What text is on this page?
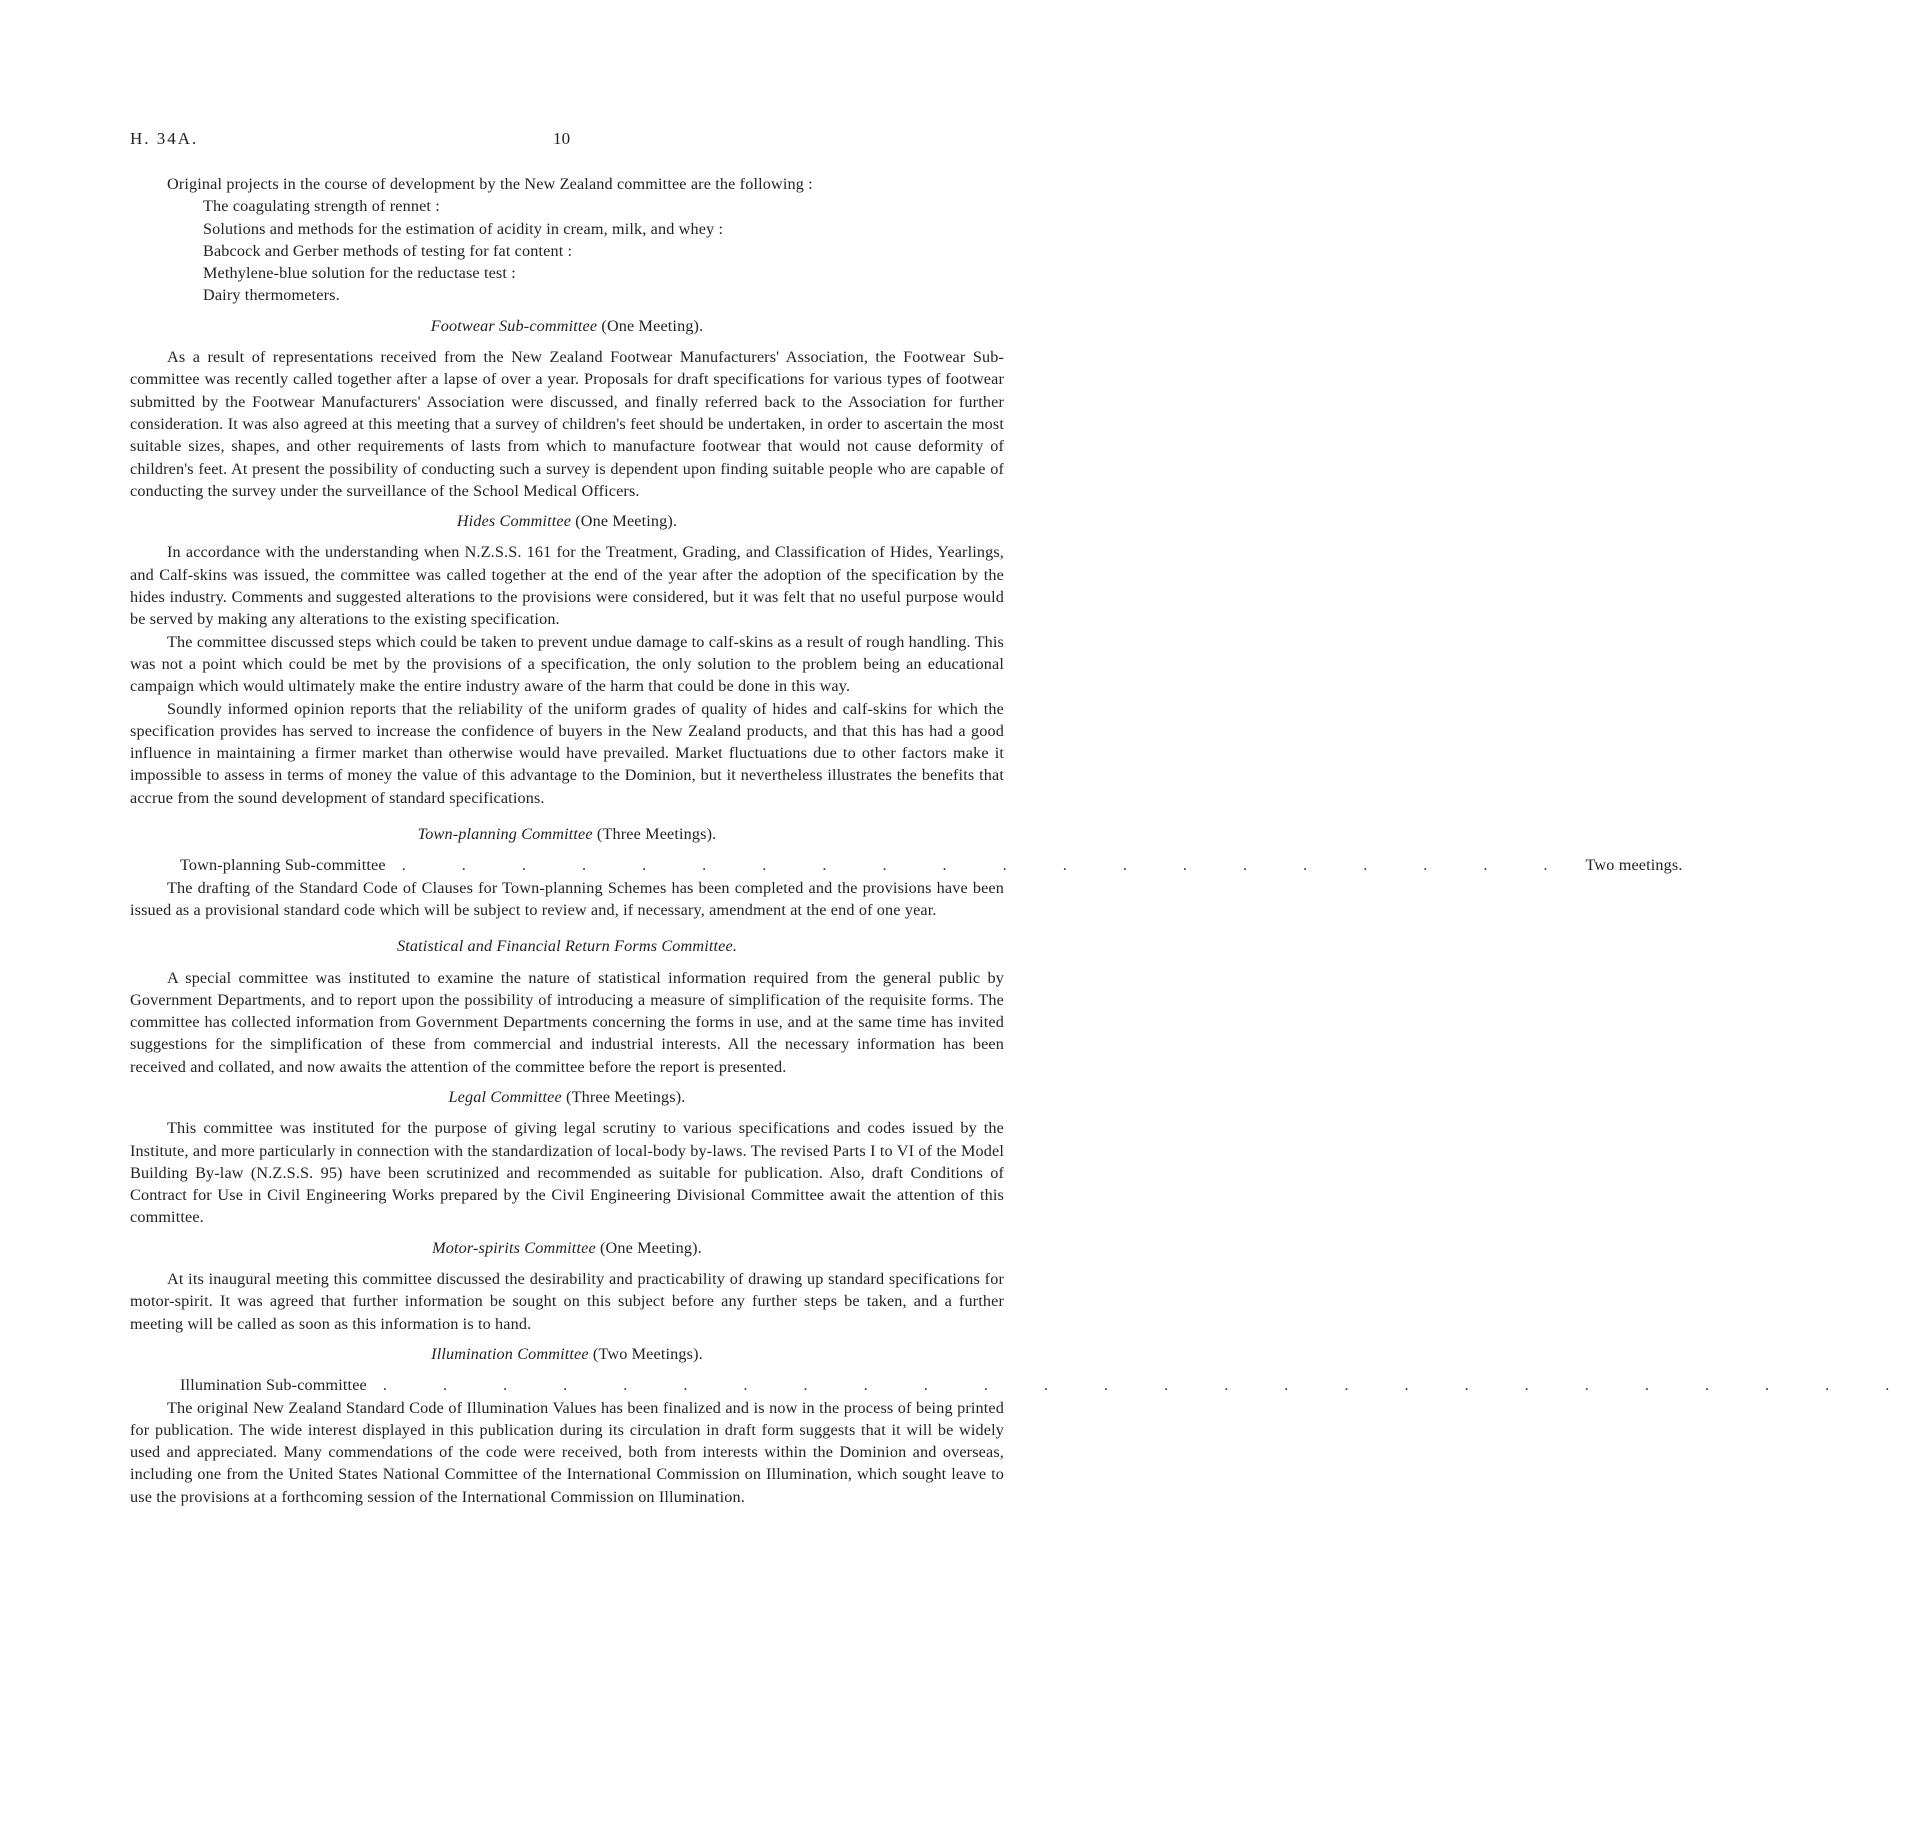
H. 34A.	10

Original projects in the course of development by the New Zealand committee are the following :

The coagulating strength of rennet :
Solutions and methods for the estimation of acidity in cream, milk, and whey :
Babcock and Gerber methods of testing for fat content :
Methylene-blue solution for the reductase test :
Dairy thermometers.
Footwear Sub-committee (One Meeting).

As a result of representations received from the New Zealand Footwear Manufacturers' Association, the Footwear Sub-committee was recently called together after a lapse of over a year. Proposals for draft specifications for various types of footwear submitted by the Footwear Manufacturers' Association were discussed, and finally referred back to the Association for further consideration. It was also agreed at this meeting that a survey of children's feet should be undertaken, in order to ascertain the most suitable sizes, shapes, and other requirements of lasts from which to manufacture footwear that would not cause deformity of children's feet. At present the possibility of conducting such a survey is dependent upon finding suitable people who are capable of conducting the survey under the surveillance of the School Medical Officers.

Hides Committee (One Meeting).

In accordance with the understanding when N.Z.S.S. 161 for the Treatment, Grading, and Classification of Hides, Yearlings, and Calf-skins was issued, the committee was called together at the end of the year after the adoption of the specification by the hides industry. Comments and suggested alterations to the provisions were considered, but it was felt that no useful purpose would be served by making any alterations to the existing specification.

The committee discussed steps which could be taken to prevent undue damage to calf-skins as a result of rough handling. This was not a point which could be met by the provisions of a specification, the only solution to the problem being an educational campaign which would ultimately make the entire industry aware of the harm that could be done in this way.

Soundly informed opinion reports that the reliability of the uniform grades of quality of hides and calf-skins for which the specification provides has served to increase the confidence of buyers in the New Zealand products, and that this has had a good influence in maintaining a firmer market than otherwise would have prevailed. Market fluctuations due to other factors make it impossible to assess in terms of money the value of this advantage to the Dominion, but it nevertheless illustrates the benefits that accrue from the sound development of standard specifications.

Town-planning Committee (Three Meetings).
Town-planning Sub-committee . . . . . . . . . . . . . . . . . . . . Two meetings.

The drafting of the Standard Code of Clauses for Town-planning Schemes has been completed and the provisions have been issued as a provisional standard code which will be subject to review and, if necessary, amendment at the end of one year.

Statistical and Financial Return Forms Committee.

A special committee was instituted to examine the nature of statistical information required from the general public by Government Departments, and to report upon the possibility of introducing a measure of simplification of the requisite forms. The committee has collected information from Government Departments concerning the forms in use, and at the same time has invited suggestions for the simplification of these from commercial and industrial interests. All the necessary information has been received and collated, and now awaits the attention of the committee before the report is presented.

Legal Committee (Three Meetings).

This committee was instituted for the purpose of giving legal scrutiny to various specifications and codes issued by the Institute, and more particularly in connection with the standardization of local-body by-laws. The revised Parts I to VI of the Model Building By-law (N.Z.S.S. 95) have been scrutinized and recommended as suitable for publication. Also, draft Conditions of Contract for Use in Civil Engineering Works prepared by the Civil Engineering Divisional Committee await the attention of this committee.

Motor-spirits Committee (One Meeting).

At its inaugural meeting this committee discussed the desirability and practicability of drawing up standard specifications for motor-spirit. It was agreed that further information be sought on this subject before any further steps be taken, and a further meeting will be called as soon as this information is to hand.

Illumination Committee (Two Meetings).
Illumination Sub-committee . . . . . . . . . . . . . . . . . . . . . . . . . .

The original New Zealand Standard Code of Illumination Values has been finalized and is now in the process of being printed for publication. The wide interest displayed in this publication during its circulation in draft form suggests that it will be widely used and appreciated. Many commendations of the code were received, both from interests within the Dominion and overseas, including one from the United States National Committee of the International Commission on Illumination, which sought leave to use the provisions at a forthcoming session of the International Commission on Illumination.
